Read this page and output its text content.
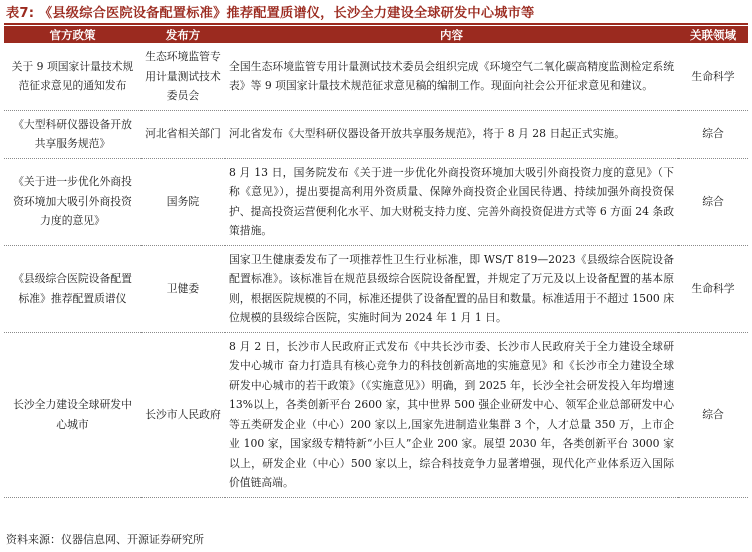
表7: 《县级综合医院设备配置标准》推荐配置质谱仪，长沙全力建设全球研发中心城市等
官方政策	发布方	内容	关联领域
关于 9 项国家计量技术规范征求意见的通知发布	生态环境监管专用计量测试技术委员会	全国生态环境监管专用计量测试技术委员会组织完成《环境空气二氧化碳高精度监测检定系统表》等 9 项国家计量技术规范征求意见稿的编制工作。现面向社会公开征求意见和建议。	生命科学
《大型科研仪器设备开放共享服务规范》	河北省相关部门	河北省发布《大型科研仪器设备开放共享服务规范》，将于 8 月 28 日起正式实施。	综合
《关于进一步优化外商投资环境加大吸引外商投资力度的意见》	国务院	8 月 13 日，国务院发布《关于进一步优化外商投资环境加大吸引外商投资力度的意见》（下称《意见》），提出要提高利用外资质量、保障外商投资企业国民待遇、持续加强外商投资保护、提高投资运营便利化水平、加大财税支持力度、完善外商投资促进方式等 6 方面 24 条政策措施。	综合
《县级综合医院设备配置标准》推荐配置质谱仪	卫健委	国家卫生健康委发布了一项推荐性卫生行业标准，即 WS/T 819—2023《县级综合医院设备配置标准》。该标准旨在规范县级综合医院设备配置，并规定了万元及以上设备配置的基本原则，根据医院规模的不同，标准还提供了设备配置的品目和数量。标准适用于不超过 1500 床位规模的县级综合医院，实施时间为 2024 年 1 月 1 日。	生命科学
长沙全力建设全球研发中心城市	长沙市人民政府	8 月 2 日，长沙市人民政府正式发布《中共长沙市委、长沙市人民政府关于全力建设全球研发中心城市 奋力打造具有核心竞争力的科技创新高地的实施意见》和《长沙市全力建设全球研发中心城市的若干政策》（《实施意见》）明确，到 2025 年，长沙全社会研发投入年均增速 13%以上，各类创新平台 2600 家，其中世界 500 强企业研发中心、领军企业总部研发中心等五类研发企业（中心）200 家以上,国家先进制造业集群 3 个，人才总量 350 万，上市企业 100 家，国家级专精特新“小巨人”企业 200 家。展望 2030 年，各类创新平台 3000 家以上，研发企业（中心）500 家以上，综合科技竞争力显著增强，现代化产业体系迈入国际价值链高端。	综合
资料来源：仪器信息网、开源证券研究所
